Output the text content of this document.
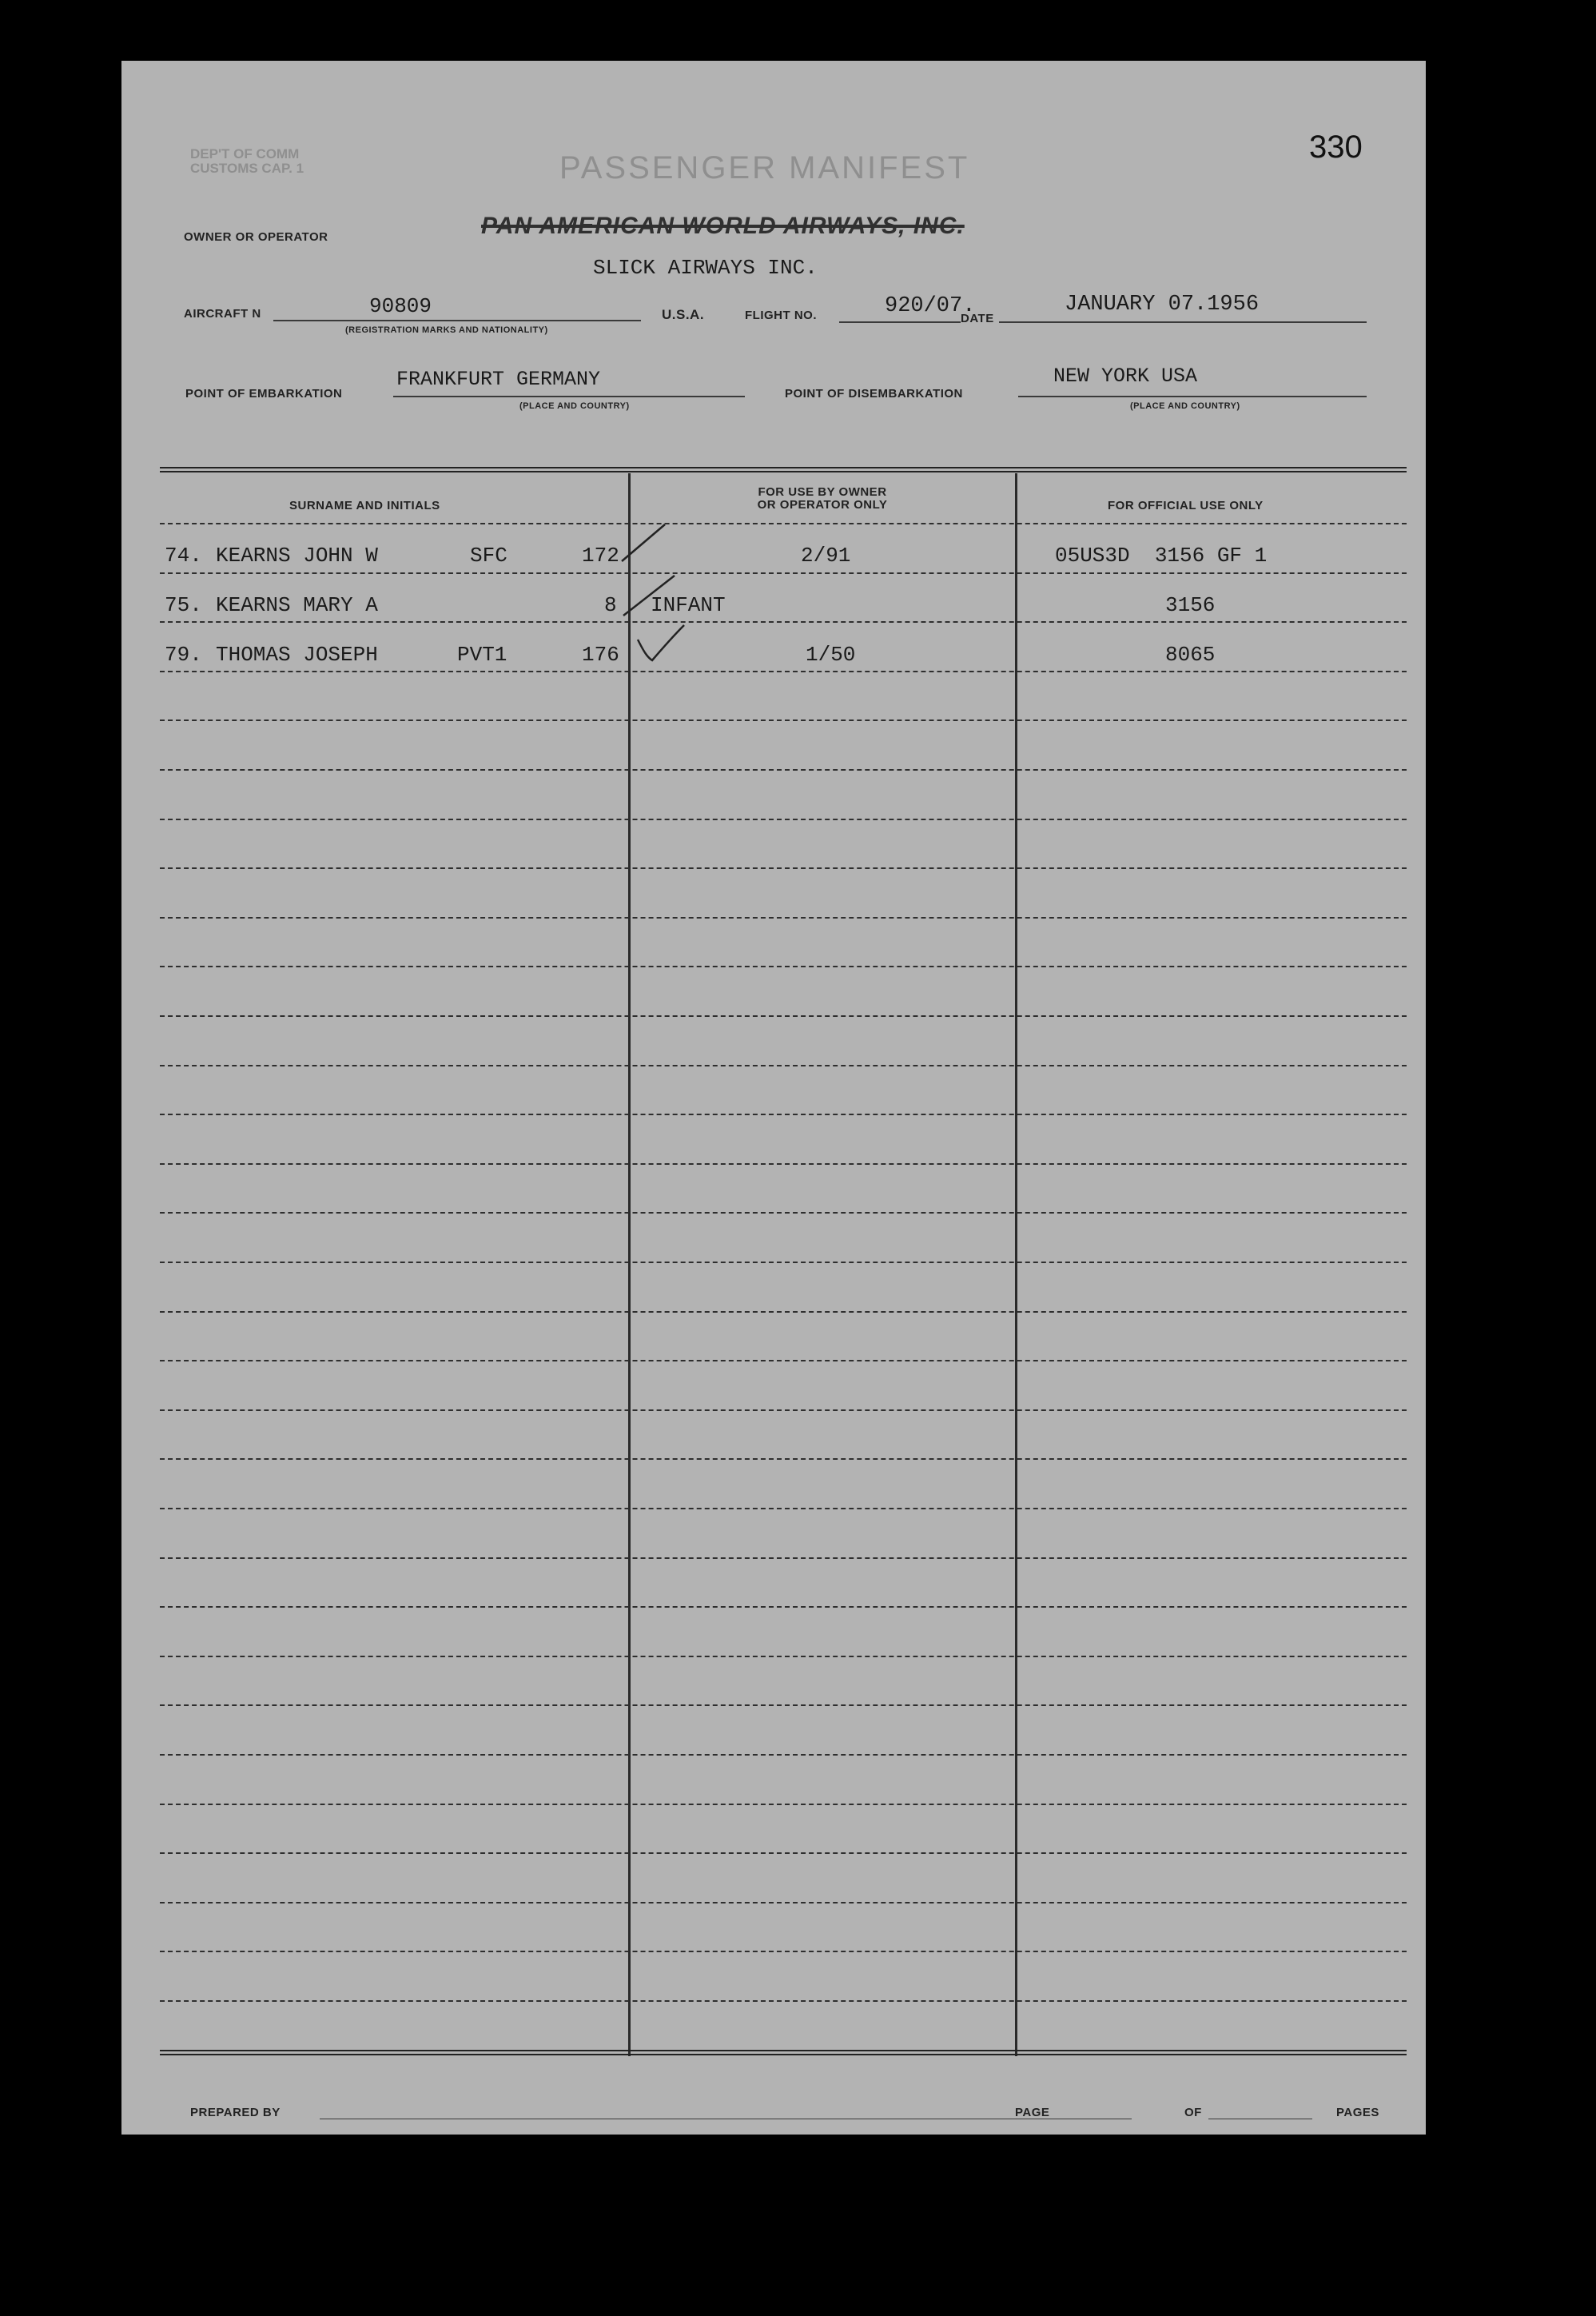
330
DEP'T OF COMM
CUSTOMS CAP. 1	PASSENGER MANIFEST
OWNER OR OPERATOR	PAN AMERICAN WORLD AIRWAYS, INC.
SLICK AIRWAYS INC.
AIRCRAFT N	90809
(REGISTRATION MARKS AND NATIONALITY)
U.S.A.	FLIGHT NO.	920/07.
DATE
JANUARY 07.1956
POINT OF EMBARKATION
FRANKFURT GERMANY
(PLACE AND COUNTRY)
POINT OF DISEMBARKATION
NEW YORK USA
(PLACE AND COUNTRY)
SURNAME AND INITIALS
FOR USE BY OWNER
OR OPERATOR ONLY	FOR OFFICIAL USE ONLY
74. KEARNS JOHN W	SFC	172	2/91	05US3D  3156 GF 1
75. KEARNS MARY A	8 INFANT	3156
79. THOMAS JOSEPH	PVT1	176	1/50	8065
PREPARED BY	PAGE	OF	PAGES
